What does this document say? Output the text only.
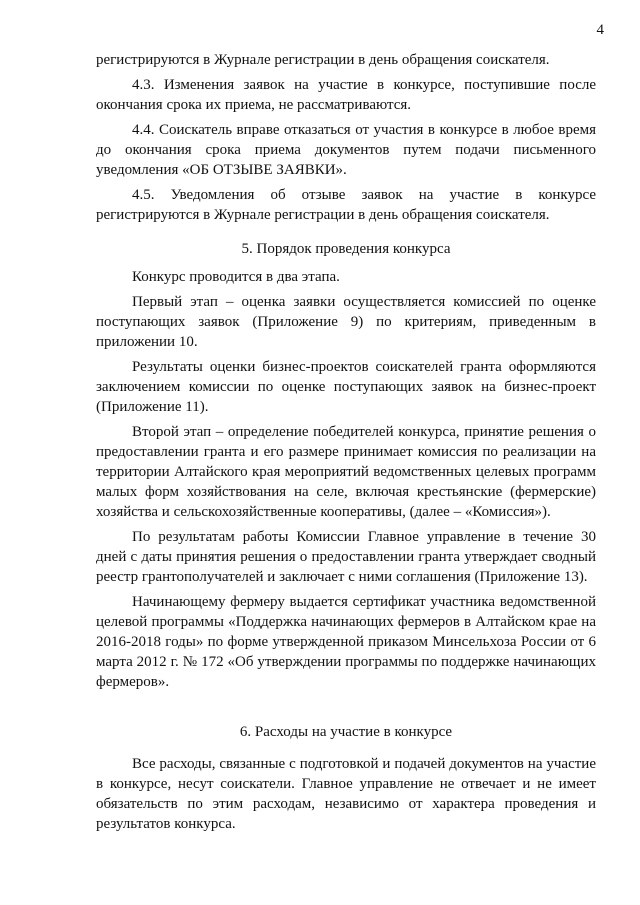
4

регистрируются в Журнале регистрации в день обращения соискателя.

4.3. Изменения заявок на участие в конкурсе, поступившие после окончания срока их приема, не рассматриваются.

4.4. Соискатель вправе отказаться от участия в конкурсе в любое время до окончания срока приема документов путем подачи письменного уведомления «ОБ ОТЗЫВЕ ЗАЯВКИ».

4.5. Уведомления об отзыве заявок на участие в конкурсе регистрируются в Журнале регистрации в день обращения соискателя.

5. Порядок проведения конкурса

Конкурс проводится в два этапа.

Первый этап – оценка заявки осуществляется комиссией по оценке поступающих заявок (Приложение 9) по критериям, приведенным в приложении 10.

Результаты оценки бизнес-проектов соискателей гранта оформляются заключением комиссии по оценке поступающих заявок на бизнес-проект (Приложение 11).

Второй этап – определение победителей конкурса, принятие решения о предоставлении гранта и его размере принимает комиссия по реализации на территории Алтайского края мероприятий ведомственных целевых программ малых форм хозяйствования на селе, включая крестьянские (фермерские) хозяйства и сельскохозяйственные кооперативы, (далее – «Комиссия»).

По результатам работы Комиссии Главное управление в течение 30 дней с даты принятия решения о предоставлении гранта утверждает сводный реестр грантополучателей и заключает с ними соглашения (Приложение 13).

Начинающему фермеру выдается сертификат участника ведомственной целевой программы «Поддержка начинающих фермеров в Алтайском крае на 2016-2018 годы» по форме утвержденной приказом Минсельхоза России от 6 марта 2012 г. № 172 «Об утверждении программы по поддержке начинающих фермеров».

6. Расходы на участие в конкурсе

Все расходы, связанные с подготовкой и подачей документов на участие в конкурсе, несут соискатели. Главное управление не отвечает и не имеет обязательств по этим расходам, независимо от характера проведения и результатов конкурса.
